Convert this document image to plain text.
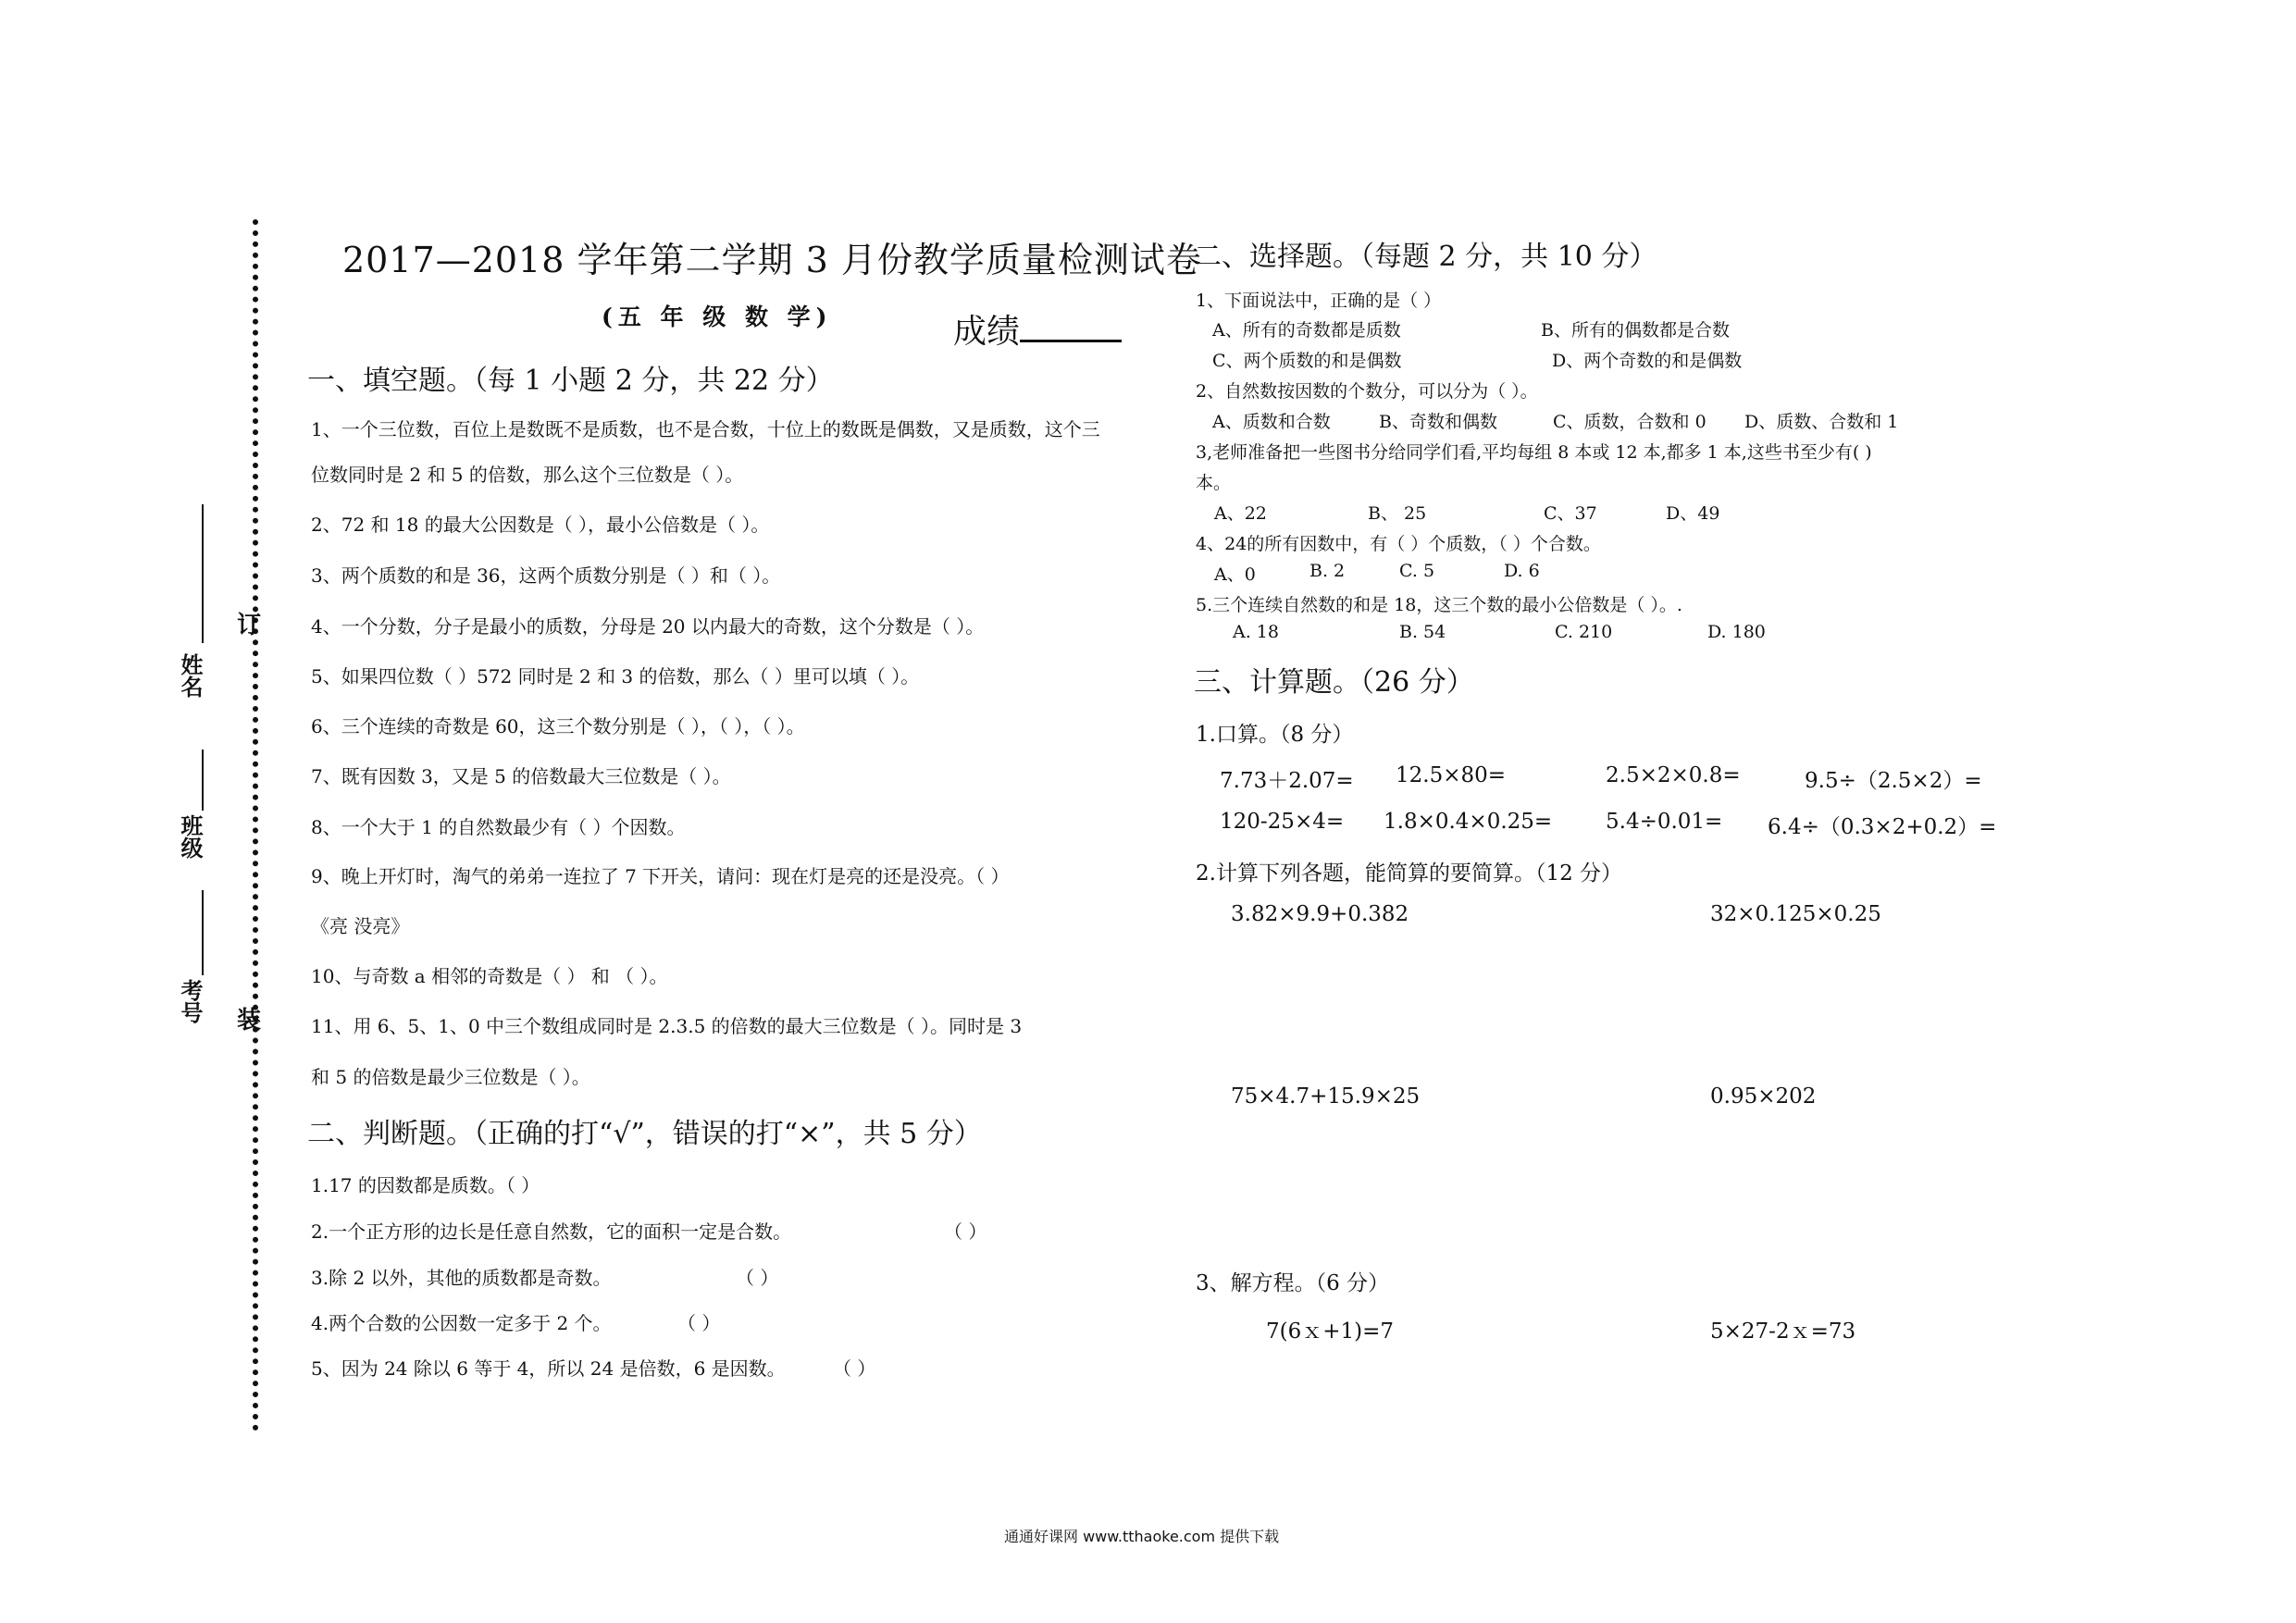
订
装
姓名
班级
考号
2017—2018 学年第二学期 3 月份教学质量检测试卷
(五 年 级 数 学)	成绩
一、填空题。（每 1 小题 2 分，共 22 分）
1、一个三位数，百位上是数既不是质数，也不是合数，十位上的数既是偶数，又是质数，这个三
位数同时是 2 和 5 的倍数，那么这个三位数是（ ）。
2、72 和 18 的最大公因数是（ ），最小公倍数是（ ）。
3、两个质数的和是 36，这两个质数分别是（ ）和（ ）。
4、一个分数，分子是最小的质数，分母是 20 以内最大的奇数，这个分数是（ ）。
5、如果四位数（ ）572 同时是 2 和 3 的倍数，那么（ ）里可以填（ ）。
6、三个连续的奇数是 60，这三个数分别是（ ），（ ），（ ）。
7、既有因数 3，又是 5 的倍数最大三位数是（ ）。
8、一个大于 1 的自然数最少有（ ）个因数。
9、晚上开灯时，淘气的弟弟一连拉了 7 下开关，请问：现在灯是亮的还是没亮。（ ）
《亮 没亮》
10、与奇数 a 相邻的奇数是（ ） 和 （ ）。
11、用 6、5、1、0 中三个数组成同时是 2.3.5 的倍数的最大三位数是（ ）。同时是 3
和 5 的倍数是最少三位数是（ ）。
二、判断题。（正确的打“√”，错误的打“×”，共 5 分）
1.17 的因数都是质数。（ ）
2.一个正方形的边长是任意自然数，它的面积一定是合数。	（ ）
3.除 2 以外，其他的质数都是奇数。	（ ）
4.两个合数的公因数一定多于 2 个。	（ ）
5、因为 24 除以 6 等于 4，所以 24 是倍数，6 是因数。	（ ）
二、选择题。（每题 2 分，共 10 分）
1、下面说法中，正确的是（ ）
A、所有的奇数都是质数	B、所有的偶数都是合数
C、两个质数的和是偶数	D、两个奇数的和是偶数
2、自然数按因数的个数分，可以分为（ ）。
A、质数和合数	B、奇数和偶数	C、质数，合数和 0 D、质数、合数和 1
3,老师准备把一些图书分给同学们看,平均每组 8 本或 12 本,都多 1 本,这些书至少有( )
本。
A、22	B、 25	C、37	D、49
4、24的所有因数中，有（ ）个质数，（ ）个合数。
A、0	B. 2	C. 5	D. 6
5.三个连续自然数的和是 18，这三个数的最小公倍数是（ ）。.
A. 18	B. 54	C. 210	D. 180
三、计算题。（26 分）
1.口算。（8 分）
7.73＋2.07= 12.5×80=	2.5×2×0.8=	9.5÷（2.5×2）=
120-25×4= 1.8×0.4×0.25=	5.4÷0.01= 6.4÷（0.3×2+0.2）=
2.计算下列各题，能简算的要简算。（12 分）
3.82×9.9+0.382	32×0.125×0.25
75×4.7+15.9×25	0.95×202
3、解方程。（6 分）
7(6ｘ+1)=7	5×27-2ｘ=73
通通好课网 www.tthaoke.com 提供下载
